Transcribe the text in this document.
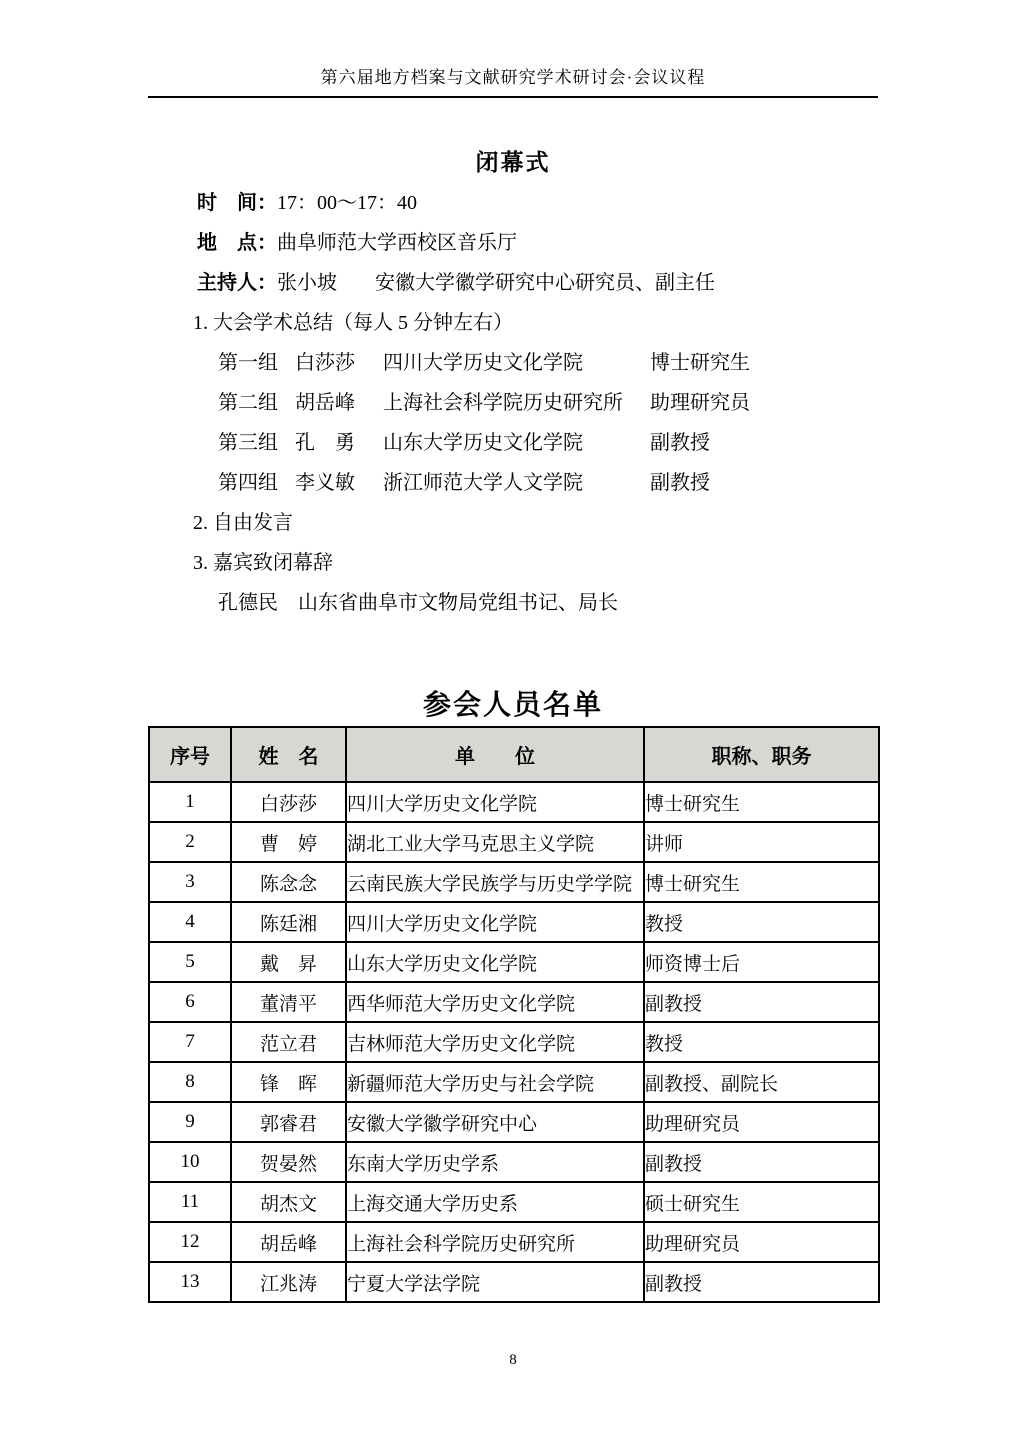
第六届地方档案与文献研究学术研讨会·会议议程
闭幕式
时　间： 17：00～17：40
地　点： 曲阜师范大学西校区音乐厅
主持人： 张小坡 安徽大学徽学研究中心研究员、副主任
1. 大会学术总结（每人 5 分钟左右）
第一组 白莎莎	四川大学历史文化学院	博士研究生
第二组 胡岳峰	上海社会科学院历史研究所	助理研究员
第三组 孔　勇	山东大学历史文化学院	副教授
第四组 李义敏	浙江师范大学人文学院	副教授
2. 自由发言
3. 嘉宾致闭幕辞
孔德民 山东省曲阜市文物局党组书记、局长
参会人员名单
序号	姓　名	单　　位	职称、职务
1	白莎莎	四川大学历史文化学院	博士研究生
2	曹　婷	湖北工业大学马克思主义学院	讲师
3	陈念念	云南民族大学民族学与历史学学院	博士研究生
4	陈廷湘	四川大学历史文化学院	教授
5	戴　昇	山东大学历史文化学院	师资博士后
6	董清平	西华师范大学历史文化学院	副教授
7	范立君	吉林师范大学历史文化学院	教授
8	锋　晖	新疆师范大学历史与社会学院	副教授、副院长
9	郭睿君	安徽大学徽学研究中心	助理研究员
10	贺晏然	东南大学历史学系	副教授
11	胡杰文	上海交通大学历史系	硕士研究生
12	胡岳峰	上海社会科学院历史研究所	助理研究员
13	江兆涛	宁夏大学法学院	副教授
8
